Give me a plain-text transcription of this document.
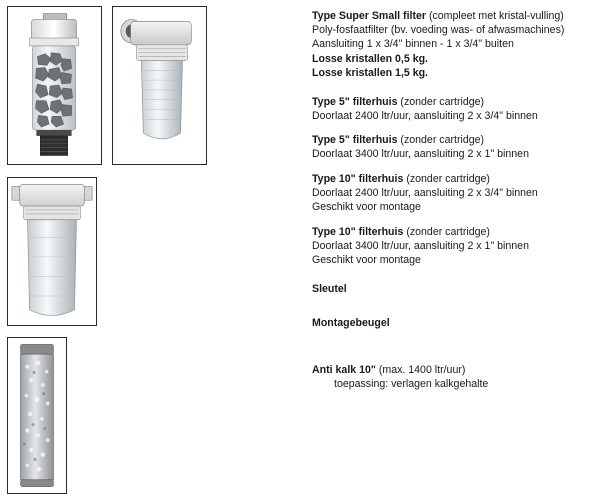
Type Super Small filter (compleet met kristal-vulling)
Poly-fosfaatfilter (bv. voeding was- of afwasmachines)
Aansluiting 1 x 3/4" binnen - 1 x 3/4" buiten
Losse kristallen 0,5 kg.
Losse kristallen 1,5 kg.
Type 5" filterhuis (zonder cartridge)
Doorlaat 2400 ltr/uur, aansluiting 2 x 3/4" binnen
Type 5" filterhuis (zonder cartridge)
Doorlaat 3400 ltr/uur, aansluiting 2 x 1" binnen
Type 10" filterhuis (zonder cartridge)
Doorlaat 2400 ltr/uur, aansluiting 2 x 3/4" binnen
Geschikt voor montage
Type 10" filterhuis (zonder cartridge)
Doorlaat 3400 ltr/uur, aansluiting 2 x 1" binnen
Geschikt voor montage
Sleutel
Montagebeugel
Anti kalk 10" (max. 1400 ltr/uur)
toepassing: verlagen kalkgehalte
